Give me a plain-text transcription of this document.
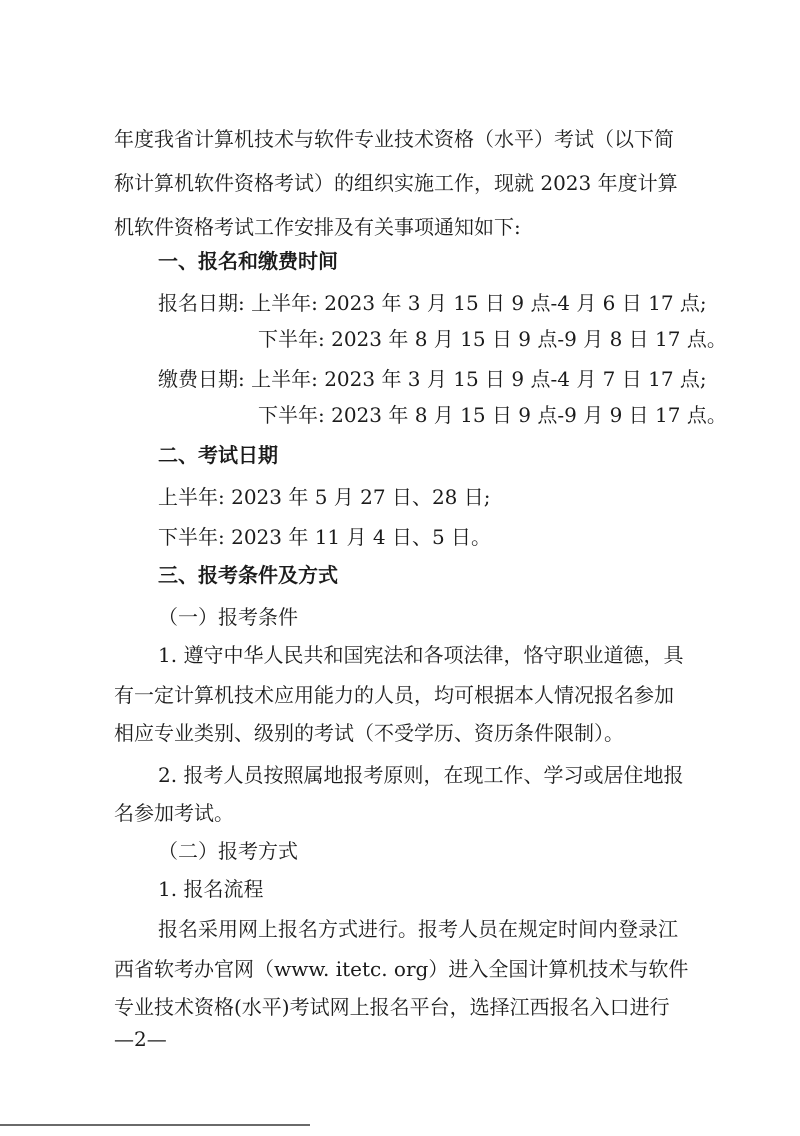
年度我省计算机技术与软件专业技术资格（水平）考试（以下简
称计算机软件资格考试）的组织实施工作，现就 2023 年度计算
机软件资格考试工作安排及有关事项通知如下:
一、报名和缴费时间
报名日期: 上半年: 2023 年 3 月 15 日 9 点-4 月 6 日 17 点;
下半年: 2023 年 8 月 15 日 9 点-9 月 8 日 17 点。
缴费日期: 上半年: 2023 年 3 月 15 日 9 点-4 月 7 日 17 点;
下半年: 2023 年 8 月 15 日 9 点-9 月 9 日 17 点。
二、考试日期
上半年: 2023 年 5 月 27 日、28 日;
下半年: 2023 年 11 月 4 日、5 日。
三、报考条件及方式
（一）报考条件
1. 遵守中华人民共和国宪法和各项法律，恪守职业道德，具
有一定计算机技术应用能力的人员，均可根据本人情况报名参加
相应专业类别、级别的考试（不受学历、资历条件限制）。
2. 报考人员按照属地报考原则，在现工作、学习或居住地报
名参加考试。
（二）报考方式
1. 报名流程
报名采用网上报名方式进行。报考人员在规定时间内登录江
西省软考办官网（www. itetc. org）进入全国计算机技术与软件
专业技术资格(水平)考试网上报名平台，选择江西报名入口进行
—2—
